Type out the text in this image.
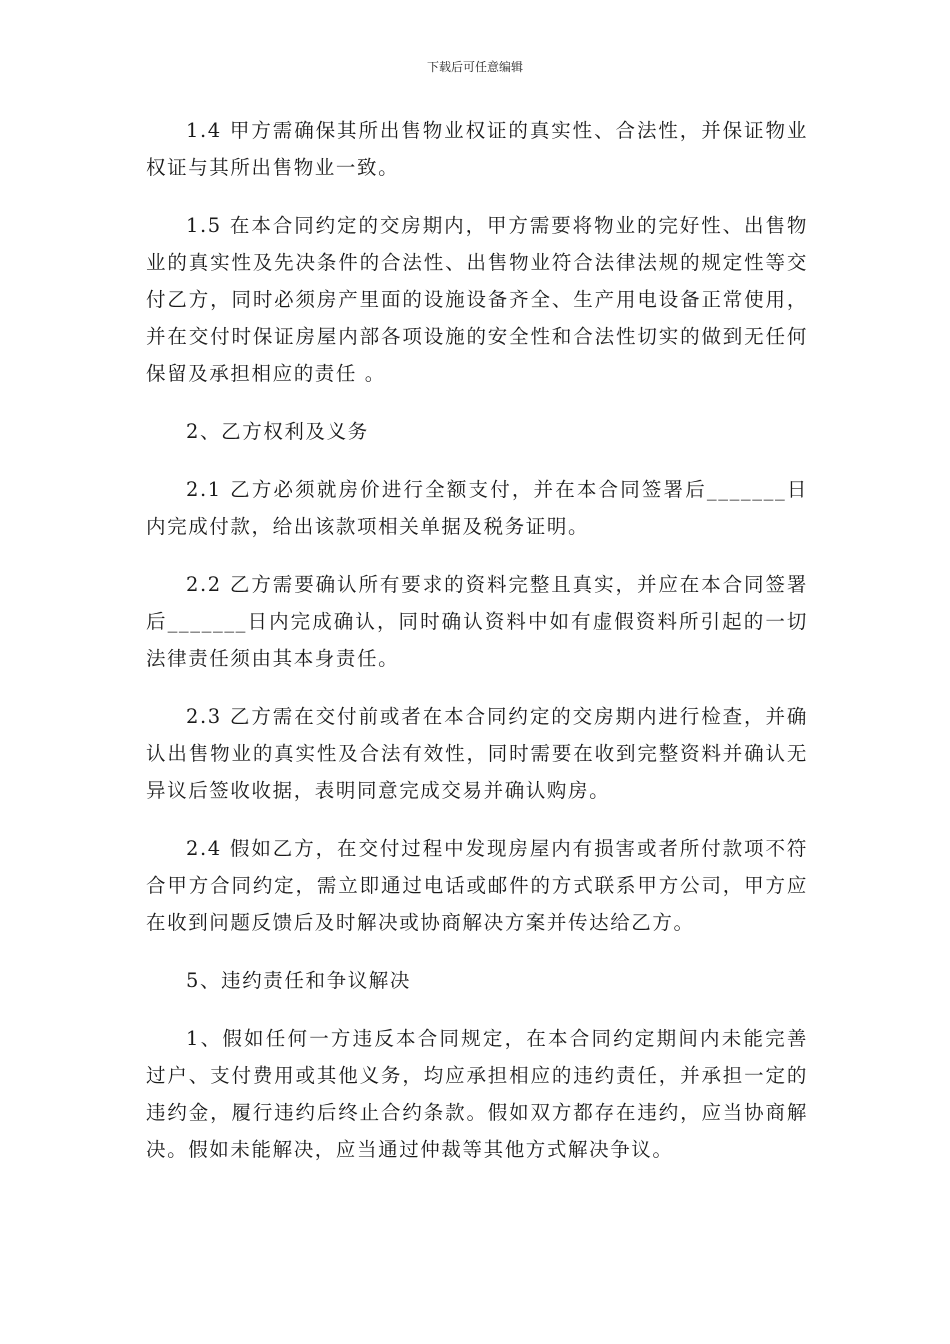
下载后可任意编辑

1.4 甲方需确保其所出售物业权证的真实性、合法性，并保证物业权证与其所出售物业一致。

1.5 在本合同约定的交房期内，甲方需要将物业的完好性、出售物业的真实性及先决条件的合法性、出售物业符合法律法规的规定性等交付乙方，同时必须房产里面的设施设备齐全、生产用电设备正常使用，并在交付时保证房屋内部各项设施的安全性和合法性切实的做到无任何保留及承担相应的责任 。

2、乙方权利及义务

2.1 乙方必须就房价进行全额支付，并在本合同签署后_______日内完成付款，给出该款项相关单据及税务证明。

2.2 乙方需要确认所有要求的资料完整且真实，并应在本合同签署后_______日内完成确认，同时确认资料中如有虚假资料所引起的一切法律责任须由其本身责任。

2.3 乙方需在交付前或者在本合同约定的交房期内进行检查，并确认出售物业的真实性及合法有效性，同时需要在收到完整资料并确认无异议后签收收据，表明同意完成交易并确认购房。

2.4 假如乙方，在交付过程中发现房屋内有损害或者所付款项不符合甲方合同约定，需立即通过电话或邮件的方式联系甲方公司，甲方应在收到问题反馈后及时解决或协商解决方案并传达给乙方。

5、违约责任和争议解决

1、假如任何一方违反本合同规定，在本合同约定期间内未能完善过户、支付费用或其他义务，均应承担相应的违约责任，并承担一定的违约金，履行违约后终止合约条款。假如双方都存在违约，应当协商解决。假如未能解决，应当通过仲裁等其他方式解决争议。
